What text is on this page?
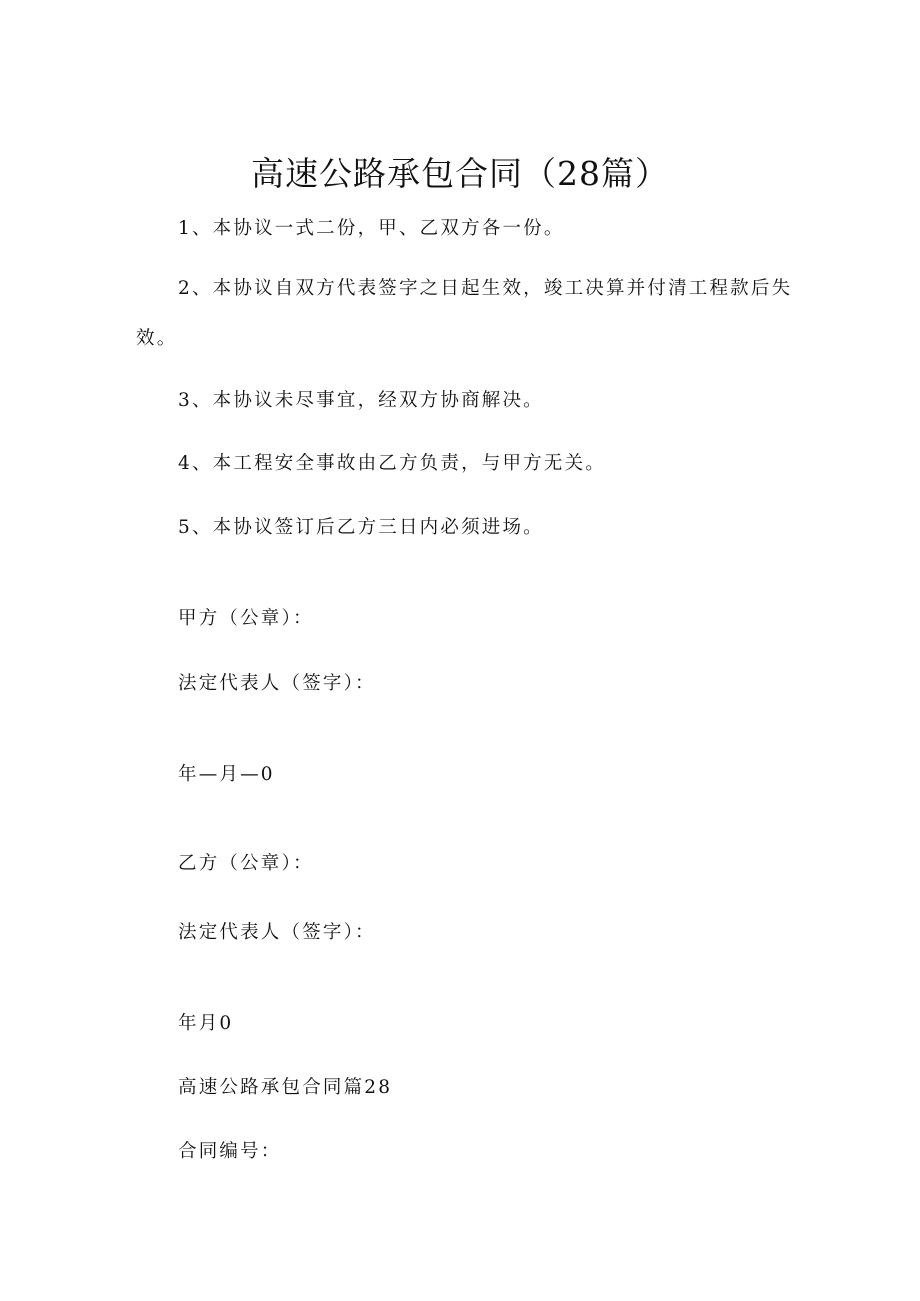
高速公路承包合同（28篇）
1、本协议一式二份，甲、乙双方各一份。
2、本协议自双方代表签字之日起生效，竣工决算并付清工程款后失
效。
3、本协议未尽事宜，经双方协商解决。
4、本工程安全事故由乙方负责，与甲方无关。
5、本协议签订后乙方三日内必须进场。
甲方（公章）：
法定代表人（签字）：
年—月—0
乙方（公章）：
法定代表人（签字）：
年月0
高速公路承包合同篇28
合同编号：
